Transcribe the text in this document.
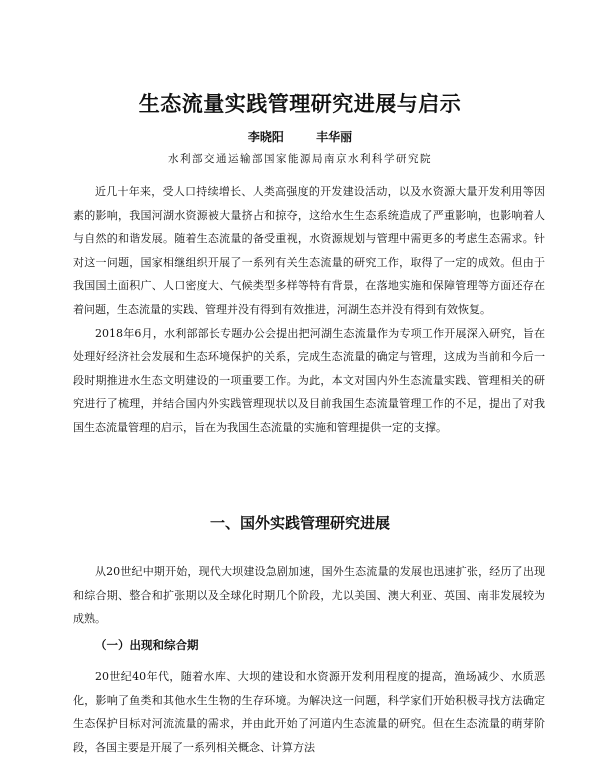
生态流量实践管理研究进展与启示
李晓阳	丰华丽
水利部交通运输部国家能源局南京水利科学研究院

近几十年来，受人口持续增长、人类高强度的开发建设活动，以及水资源大量开发利用等因素的影响，我国河湖水资源被大量挤占和掠夺，这给水生生态系统造成了严重影响，也影响着人与自然的和谐发展。随着生态流量的备受重视，水资源规划与管理中需更多的考虑生态需求。针对这一问题，国家相继组织开展了一系列有关生态流量的研究工作，取得了一定的成效。但由于我国国土面积广、人口密度大、气候类型多样等特有背景，在落地实施和保障管理等方面还存在着问题，生态流量的实践、管理并没有得到有效推进，河湖生态并没有得到有效恢复。

2018年6月，水利部部长专题办公会提出把河湖生态流量作为专项工作开展深入研究，旨在处理好经济社会发展和生态环境保护的关系，完成生态流量的确定与管理，这成为当前和今后一段时期推进水生态文明建设的一项重要工作。为此，本文对国内外生态流量实践、管理相关的研究进行了梳理，并结合国内外实践管理现状以及目前我国生态流量管理工作的不足，提出了对我国生态流量管理的启示，旨在为我国生态流量的实施和管理提供一定的支撑。

一、国外实践管理研究进展

从20世纪中期开始，现代大坝建设急剧加速，国外生态流量的发展也迅速扩张，经历了出现和综合期、整合和扩张期以及全球化时期几个阶段，尤以美国、澳大利亚、英国、南非发展较为成熟。

（一）出现和综合期

20世纪40年代，随着水库、大坝的建设和水资源开发利用程度的提高，渔场减少、水质恶化，影响了鱼类和其他水生生物的生存环境。为解决这一问题，科学家们开始积极寻找方法确定生态保护目标对河流流量的需求，并由此开始了河道内生态流量的研究。但在生态流量的萌芽阶段，各国主要是开展了一系列相关概念、计算方法
